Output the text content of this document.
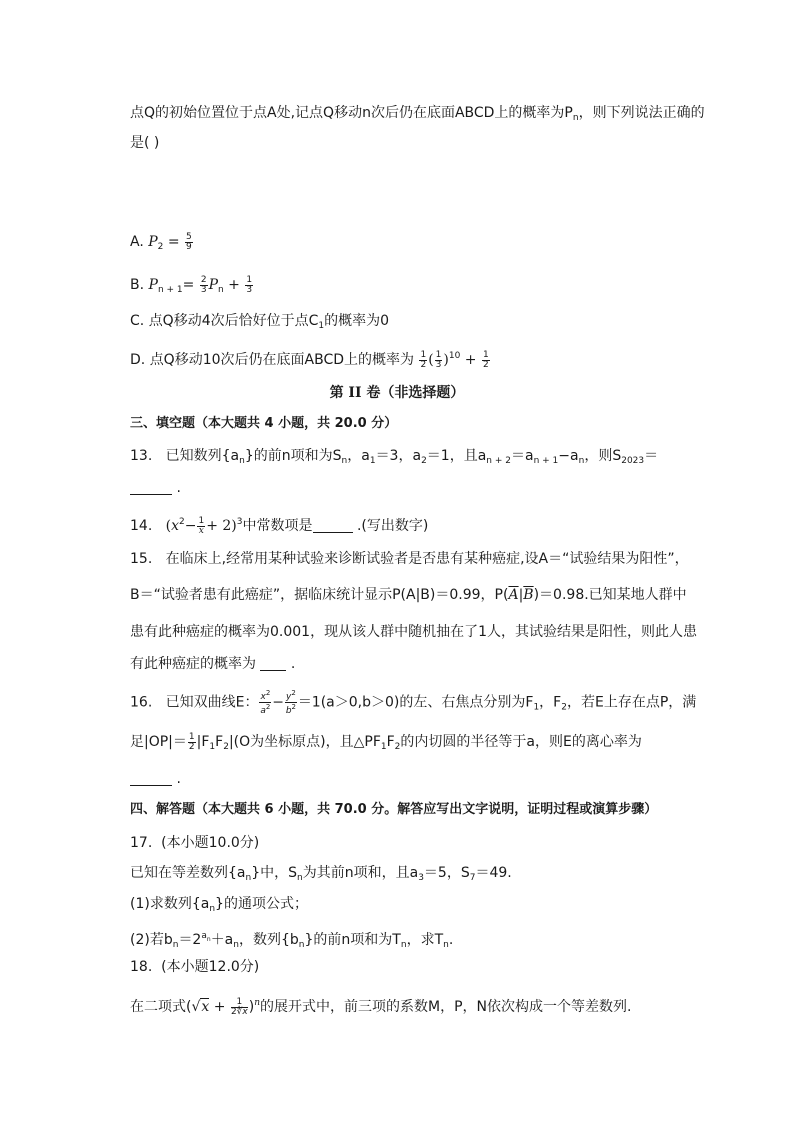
点Q的初始位置位于点A处,记点Q移动n次后仍在底面ABCD上的概率为$P_n$，则下列说法正确的
是( )
A. $P_2 = \frac{5}{9}$
B. $P_{n + 1}= \frac{2}{3} P_n + \frac{1}{3}$
C. 点Q移动4次后恰好位于点$C_1$的概率为0
D. 点Q移动10次后仍在底面ABCD上的概率为 $\frac{1}{2}$ ( $\frac{1}{3} )^{10} + \frac{1}{2}$
第 II 卷（非选择题）
三、填空题（本大题共 4 小题，共 20.0 分）
13. 已知数列$\{a_n\}$的前n项和为$S_n$，$a_1=3$，$a_2=1$，且$a_{n + 2}=a_{n + 1}-a_n$，则$S_{2023}=$
.
14. $(x^2- \frac{1}{x} + 2)^3$中常数项是	.(写出数字)
15. 在临床上,经常用某种试验来诊断试验者是否患有某种癌症,设A＝“试验结果为阳性”，
B＝“试验者患有此癌症”，据临床统计显示P(A|B)＝0.99，$P(\overline{A}|\overline{B})=0.98$.已知某地人群中
患有此种癌症的概率为0.001，现从该人群中随机抽在了1人，其试验结果是阳性，则此人患
有此种癌症的概率为 .
16. 已知双曲线E： $\frac{x^2}{a^2} - \frac{y^2}{b^2} =1(a>0,b>0)$的左、右焦点分别为$F_1$，$F_2$，若E上存在点P，满
足$|OP|= \frac{1}{2} |F_1F_2|(O$为坐标原点)，且$\triangle PF_1F_2$的内切圆的半径等于a，则E的离心率为
.
四、解答题（本大题共 6 小题，共 70.0 分。解答应写出文字说明，证明过程或演算步骤）
17. (本小题10.0分)
已知在等差数列$\{a_n\}$中，$S_n$为其前n项和，且$a_3=5$，$S_7=49$.
(1)求数列$\{a_n\}$的通项公式；
(2)若$b_n=2^{a_n}+a_n$，数列$\{b_n\}$的前n项和为$T_n$，求$T_n$.
18. (本小题12.0分)
在二项式$(√x + \frac{1}{2∜x} )^n$的展开式中，前三项的系数M，P，N依次构成一个等差数列.
